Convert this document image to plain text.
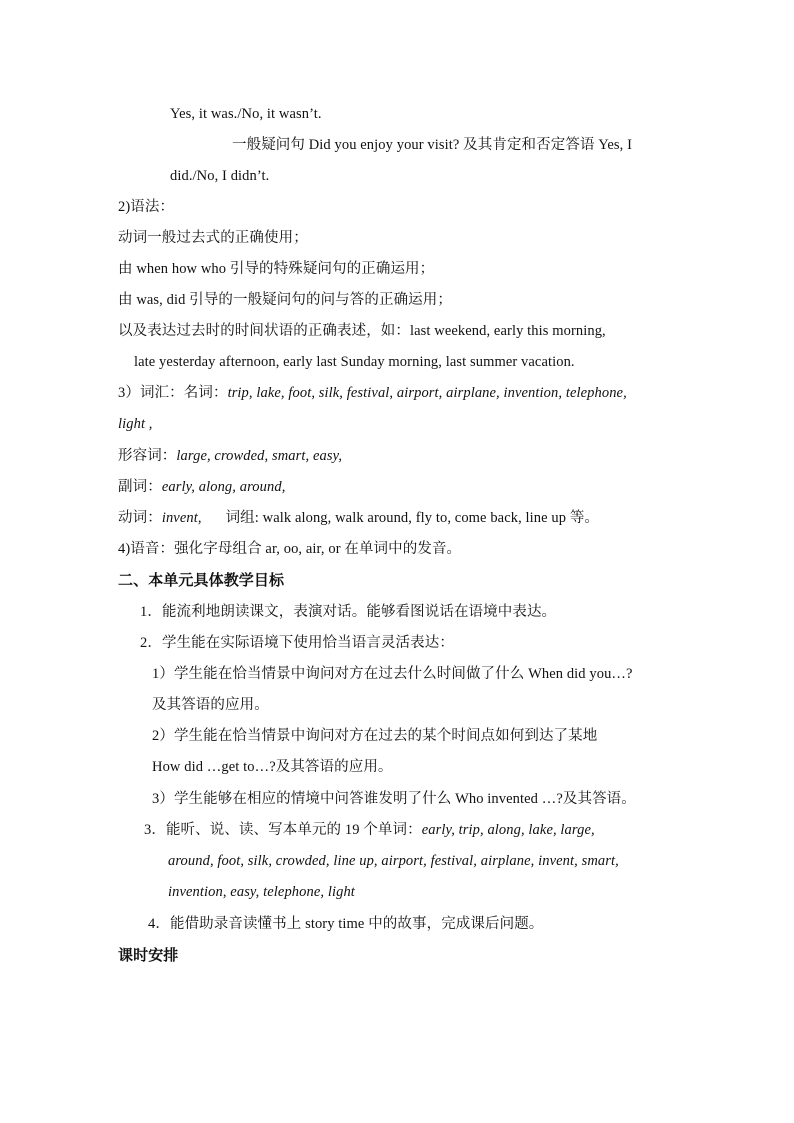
Yes, it was./No, it wasn’t.
一般疑问句 Did you enjoy your visit? 及其肯定和否定答语 Yes, I
did./No, I didn’t.
2)语法：
动词一般过去式的正确使用；
由 when how who 引导的特殊疑问句的正确运用；
由 was, did 引导的一般疑问句的问与答的正确运用；
以及表达过去时的时间状语的正确表述，如：last weekend, early this morning,
late yesterday afternoon, early last Sunday morning, last summer vacation.
3）词汇：名词：trip, lake, foot, silk, festival, airport, airplane, invention, telephone,
light ,
形容词：large, crowded, smart, easy,
副词：early, along, around,
动词：invent, 词组: walk along, walk around, fly to, come back, line up 等。
4)语音：强化字母组合 ar, oo, air, or 在单词中的发音。
二、本单元具体教学目标
1．能流利地朗读课文，表演对话。能够看图说话在语境中表达。
2．学生能在实际语境下使用恰当语言灵活表达：
1）学生能在恰当情景中询问对方在过去什么时间做了什么 When did you…?
及其答语的应用。
2）学生能在恰当情景中询问对方在过去的某个时间点如何到达了某地
How did …get to…?及其答语的应用。
3）学生能够在相应的情境中问答谁发明了什么 Who invented …?及其答语。
3．能听、说、读、写本单元的 19 个单词：early, trip, along, lake, large,
around, foot, silk, crowded, line up, airport, festival, airplane, invent, smart,
invention, easy, telephone, light
4．能借助录音读懂书上 story time 中的故事，完成课后问题。
课时安排
